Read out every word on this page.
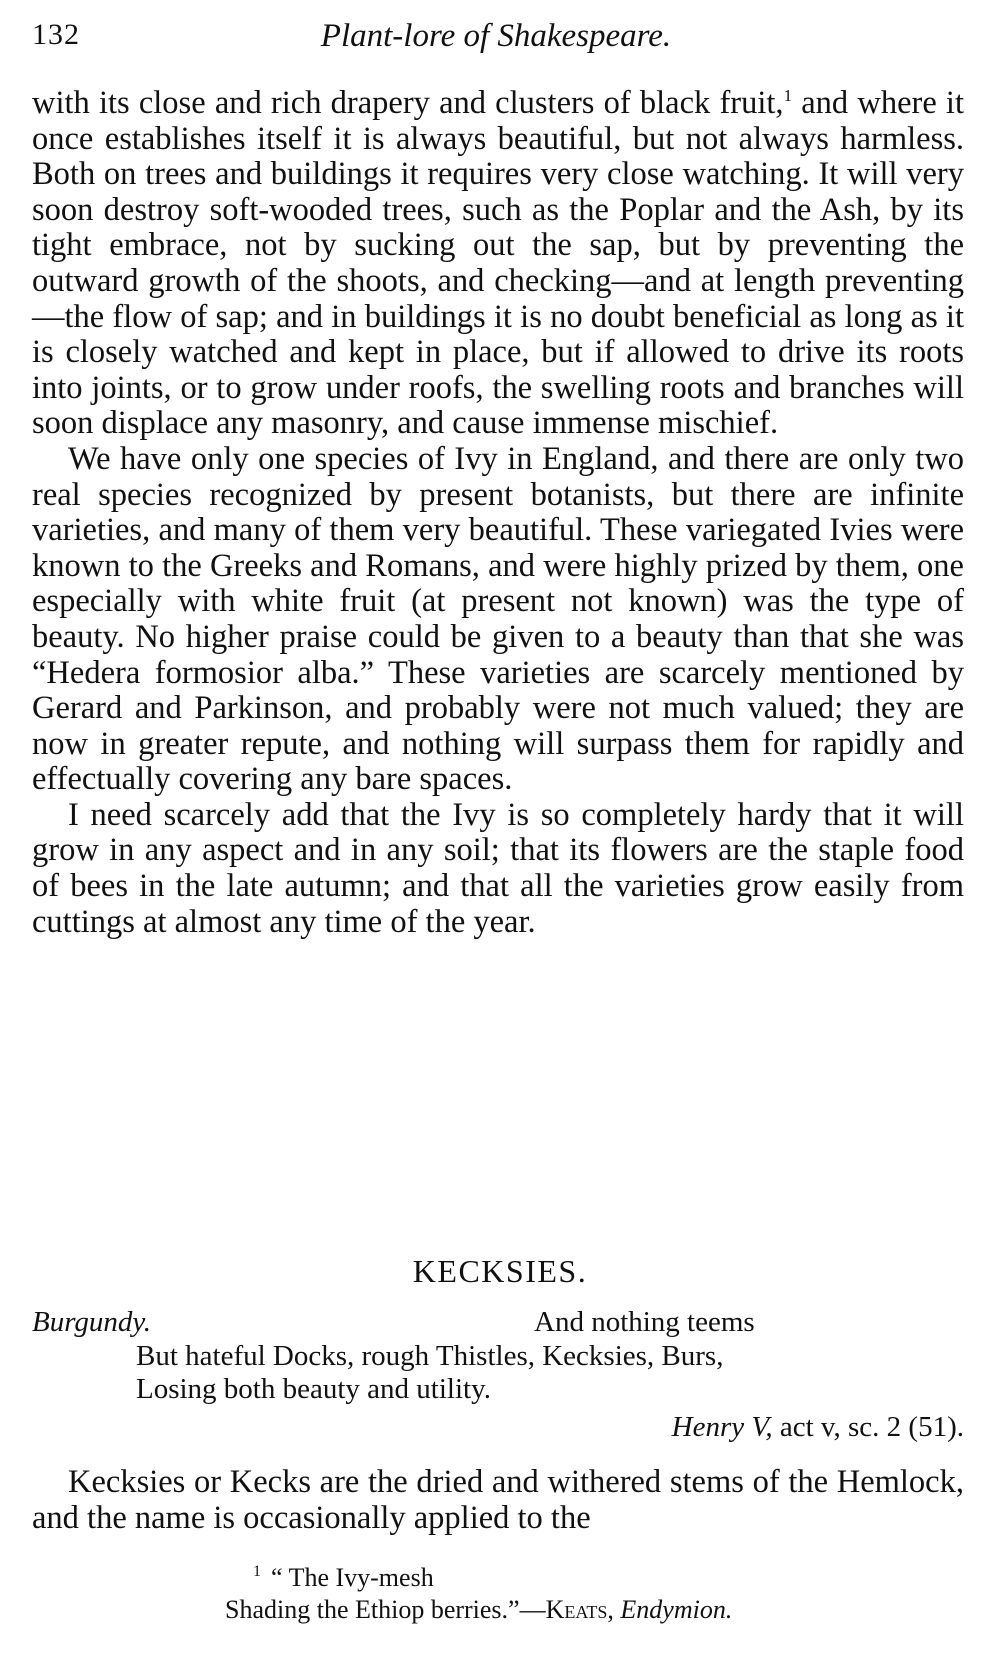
132	Plant-lore of Shakespeare.

with its close and rich drapery and clusters of black fruit,$^1$ and where it once establishes itself it is always beautiful, but not always harmless. Both on trees and buildings it requires very close watching. It will very soon destroy soft-wooded trees, such as the Poplar and the Ash, by its tight embrace, not by sucking out the sap, but by preventing the outward growth of the shoots, and checking—and at length preventing—the flow of sap; and in buildings it is no doubt beneficial as long as it is closely watched and kept in place, but if allowed to drive its roots into joints, or to grow under roofs, the swelling roots and branches will soon displace any masonry, and cause immense mischief.

We have only one species of Ivy in England, and there are only two real species recognized by present botanists, but there are infinite varieties, and many of them very beautiful. These variegated Ivies were known to the Greeks and Romans, and were highly prized by them, one especially with white fruit (at present not known) was the type of beauty. No higher praise could be given to a beauty than that she was “Hedera formosior alba.” These varieties are scarcely mentioned by Gerard and Parkinson, and probably were not much valued; they are now in greater repute, and nothing will surpass them for rapidly and effectually covering any bare spaces.

I need scarcely add that the Ivy is so completely hardy that it will grow in any aspect and in any soil; that its flowers are the staple food of bees in the late autumn; and that all the varieties grow easily from cuttings at almost any time of the year.

KECKSIES.
Burgundy.	And nothing teems
But hateful Docks, rough Thistles, Kecksies, Burs,
Losing both beauty and utility.
Henry V, act v, sc. 2 (51).

Kecksies or Kecks are the dried and withered stems of the Hemlock, and the name is occasionally applied to the

$^1$ “ The Ivy-mesh
Shading the Ethiop berries.”—Keats, Endymion.
